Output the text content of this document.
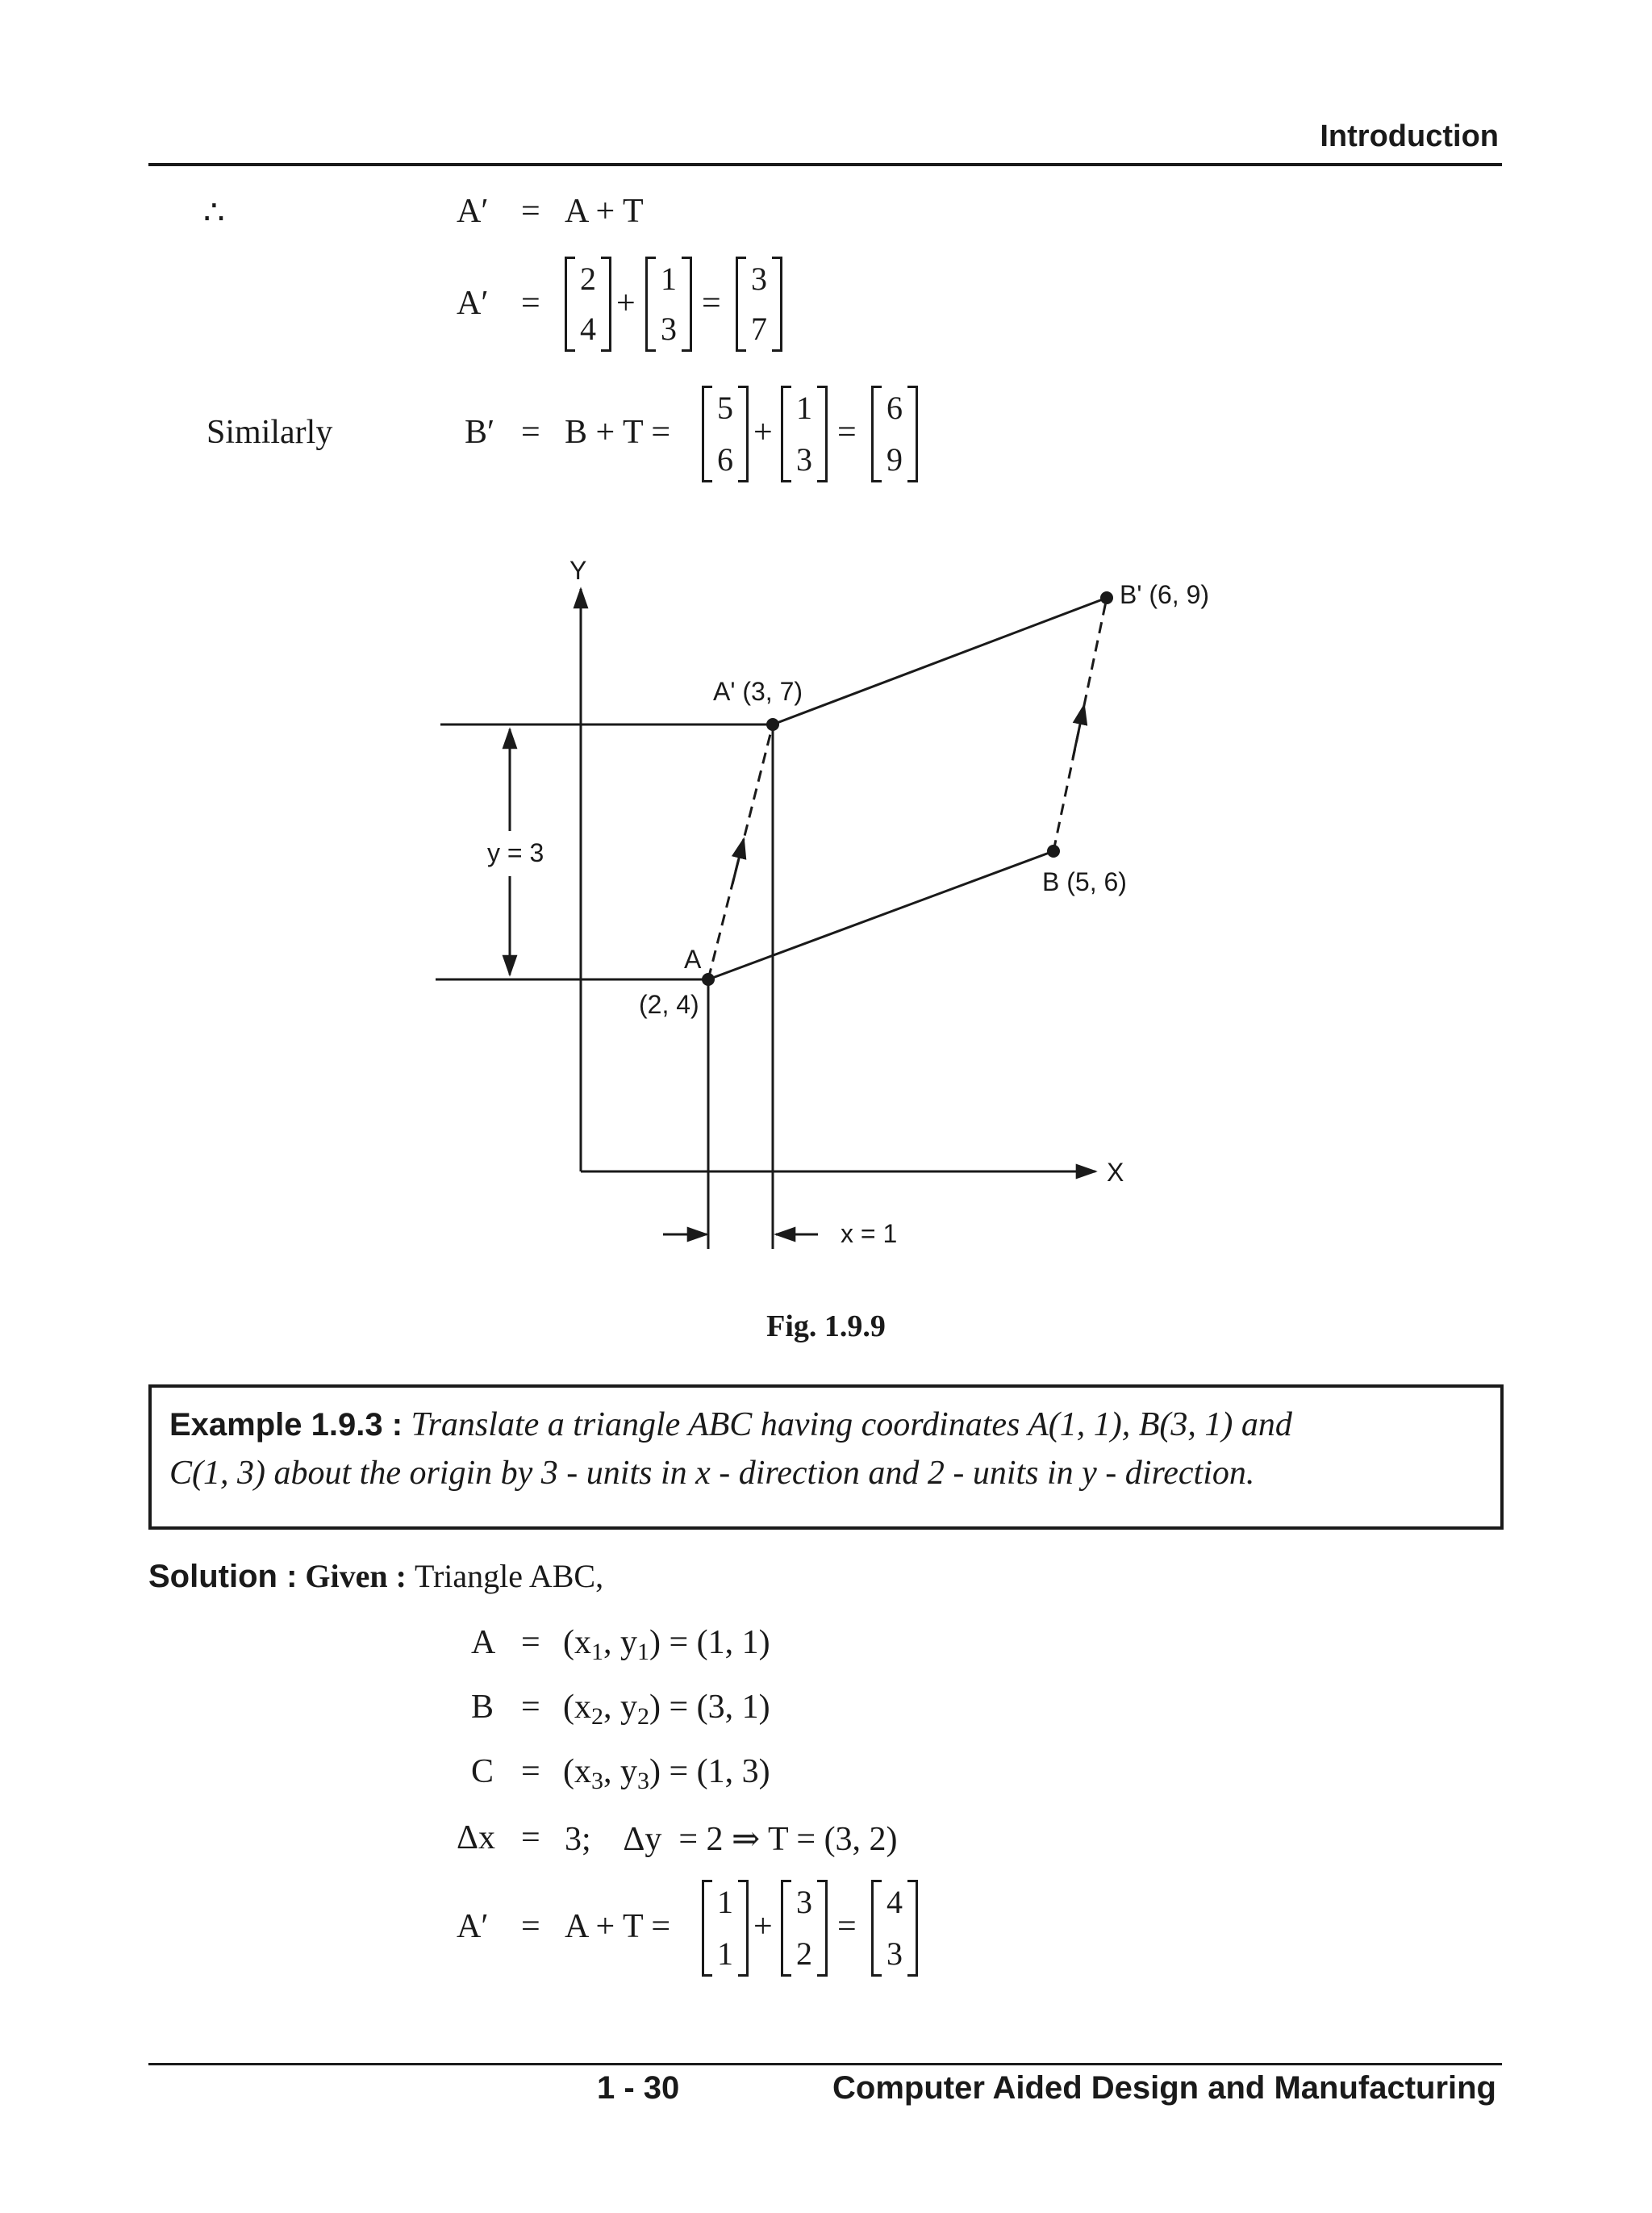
Introduction
∴	A′ = A + T
A′ =
2
4
+
1
3
=
3
7
Similarly	B′ = B + T =
5
6
+
1
3
=
6
9
Y
X
A
(2, 4)
A' (3, 7)
B (5, 6)
B' (6, 9)
y = 3
x = 1
Fig. 1.9.9
Example 1.9.3 : Translate a triangle ABC having coordinates A(1, 1), B(3, 1) and
C(1, 3) about the origin by 3 - units in x - direction and 2 - units in y - direction.
Solution : Given : Triangle ABC,
$A = (x_1$, $y_1) = (1$, 1)
$B = (x_2$, $y_2) = (3$, 1)
$C = (x_3$, $y_3) = (1$, 3)
Δx = 3;    Δy  = 2 ⇒ T = (3, 2)
A′ = A + T =
1
1
+
3
2
=
4
3
1 - 30	Computer Aided Design and Manufacturing
